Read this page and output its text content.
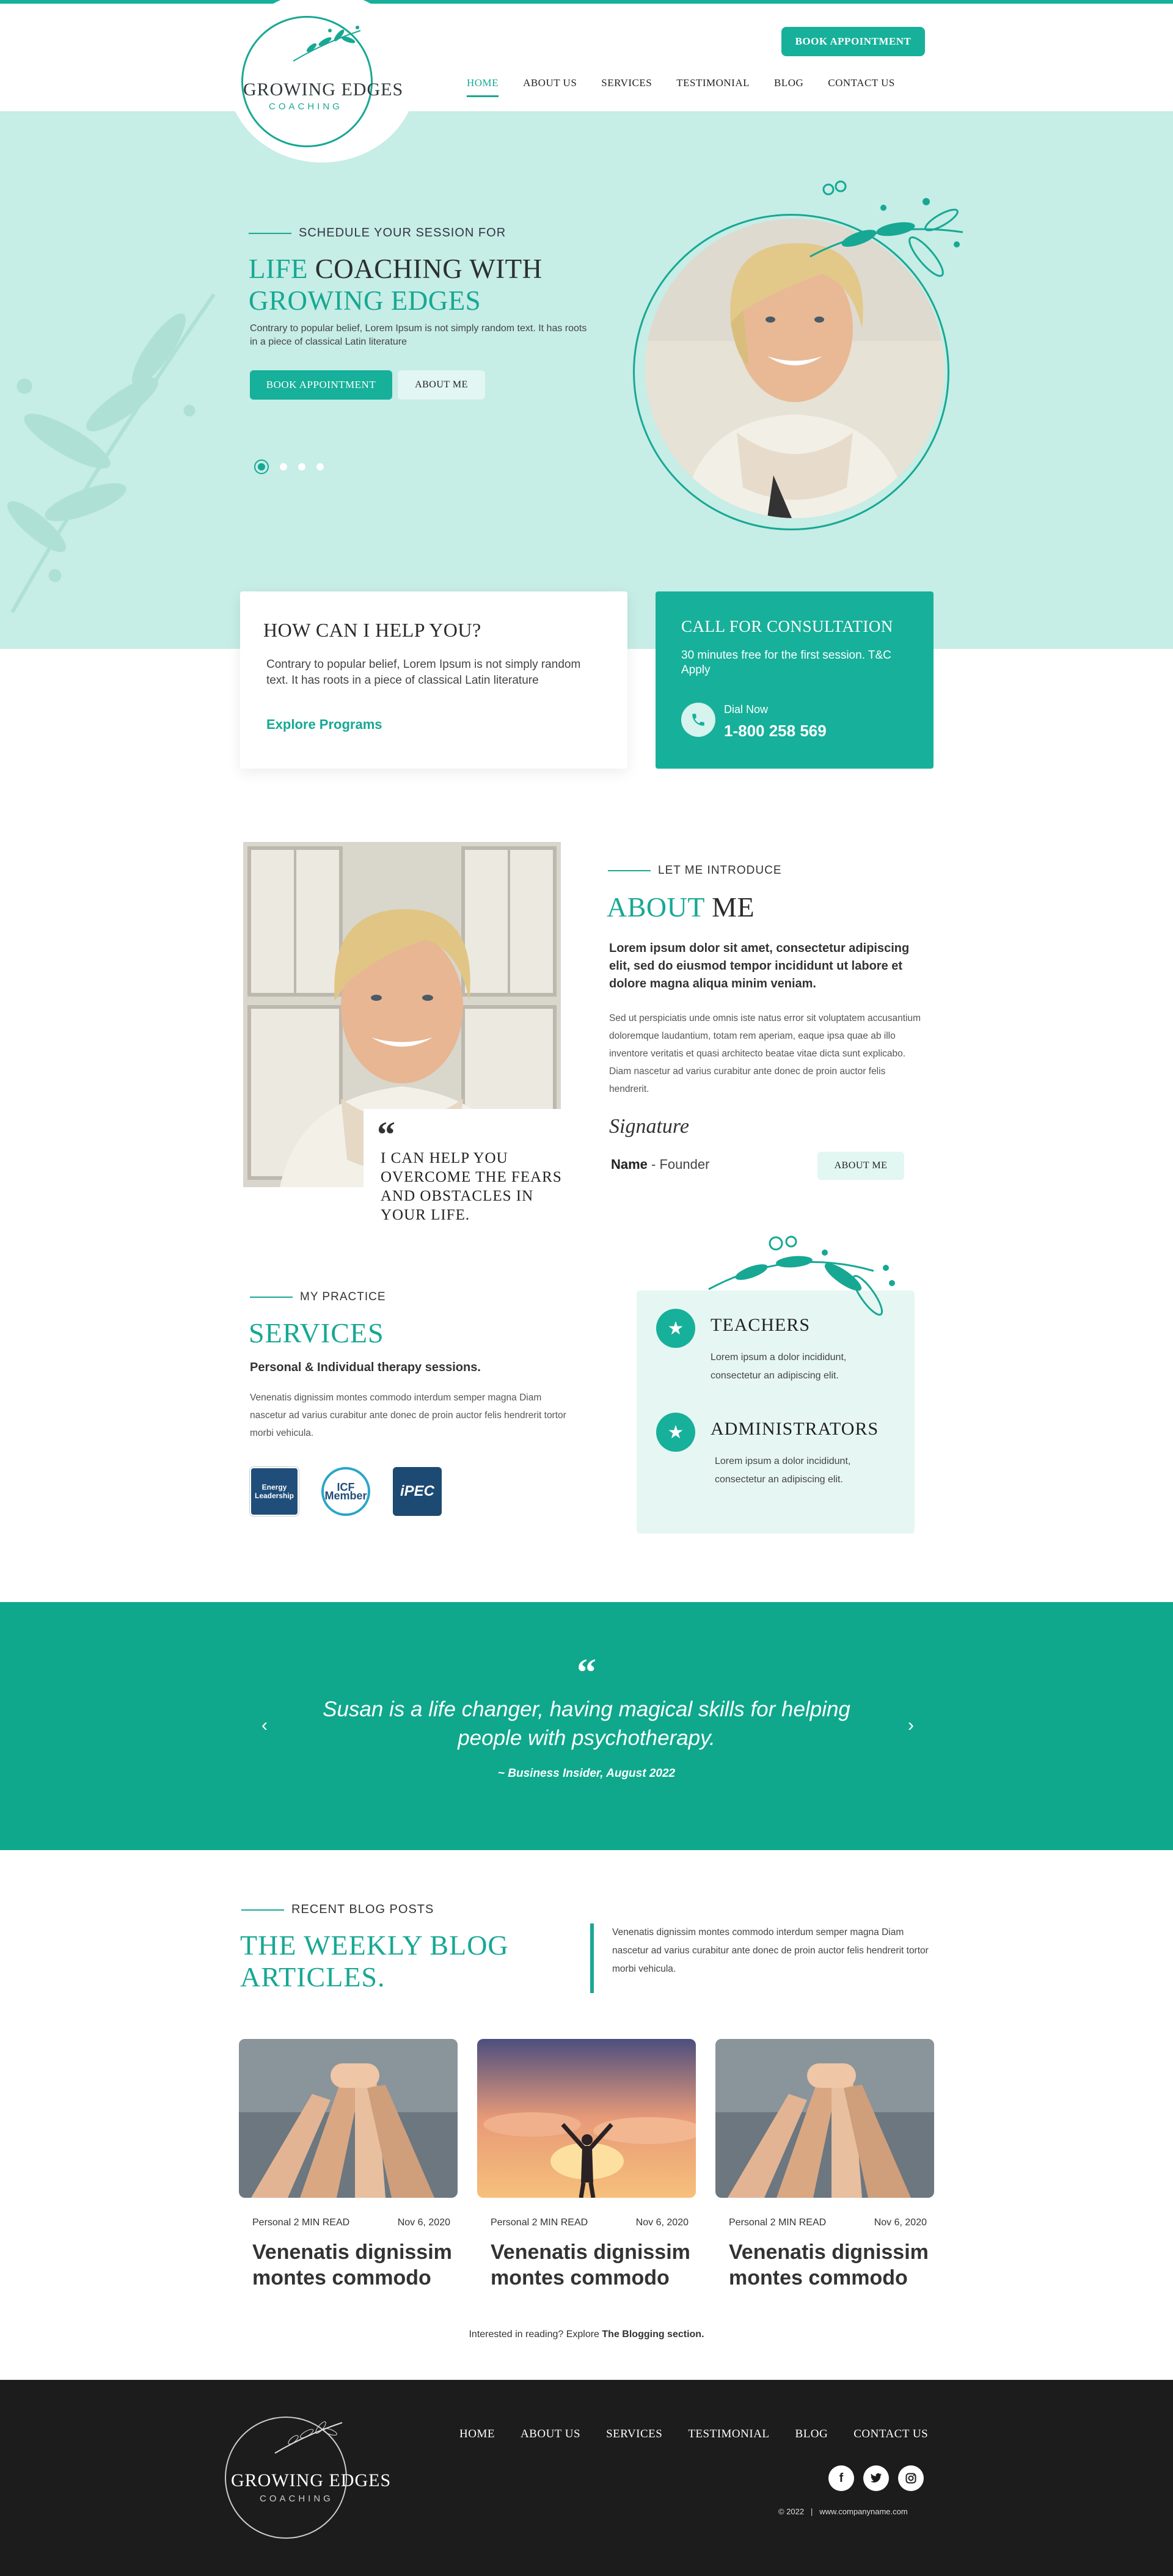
GROWING EDGES
COACHING
BOOK APPOINTMENT
HOME ABOUT US SERVICES TESTIMONIAL BLOG CONTACT US
SCHEDULE YOUR SESSION FOR
LIFE COACHING WITH
GROWING EDGES
Contrary to popular belief, Lorem Ipsum is not simply random text. It has roots in a piece of classical Latin literature
BOOK APPOINTMENT	ABOUT ME
HOW CAN I HELP YOU?
Contrary to popular belief, Lorem Ipsum is not simply random text. It has roots in a piece of classical Latin literature
Explore Programs
CALL FOR CONSULTATION
30 minutes free for the first session. T&C Apply
Dial Now
1-800 258 569
“
I CAN HELP YOU OVERCOME THE FEARS AND OBSTACLES IN YOUR LIFE.
LET ME INTRODUCE
ABOUT ME
Lorem ipsum dolor sit amet, consectetur adipiscing elit, sed do eiusmod tempor incididunt ut labore et dolore magna aliqua minim veniam.
Sed ut perspiciatis unde omnis iste natus error sit voluptatem accusantium doloremque laudantium, totam rem aperiam, eaque ipsa quae ab illo inventore veritatis et quasi architecto beatae vitae dicta sunt explicabo. Diam nascetur ad varius curabitur ante donec de proin auctor felis hendrerit.
Signature
Name - Founder	ABOUT ME
MY PRACTICE
SERVICES
Personal & Individual therapy sessions.
Venenatis dignissim montes commodo interdum semper magna Diam nascetur ad varius curabitur ante donec de proin auctor felis hendrerit tortor morbi vehicula.
Energy Leadership
ICF Member	iPEC
★	TEACHERS
Lorem ipsum a dolor incididunt, consectetur an adipiscing elit.
★	ADMINISTRATORS
Lorem ipsum a dolor incididunt, consectetur an adipiscing elit.
“
Susan is a life changer, having magical skills for helping people with psychotherapy.
~ Business Insider, August 2022
‹	›
RECENT BLOG POSTS
THE WEEKLY BLOG ARTICLES.
Venenatis dignissim montes commodo interdum semper magna Diam nascetur ad varius curabitur ante donec de proin auctor felis hendrerit tortor morbi vehicula.
Personal 2 MIN READ	Nov 6, 2020
Venenatis dignissim montes commodo
Personal 2 MIN READ	Nov 6, 2020
Venenatis dignissim montes commodo
Personal 2 MIN READ	Nov 6, 2020
Venenatis dignissim montes commodo
Interested in reading? Explore The Blogging section.
GROWING EDGES
COACHING
HOME ABOUT US SERVICES TESTIMONIAL BLOG CONTACT US
f
© 2022 | www.companyname.com
